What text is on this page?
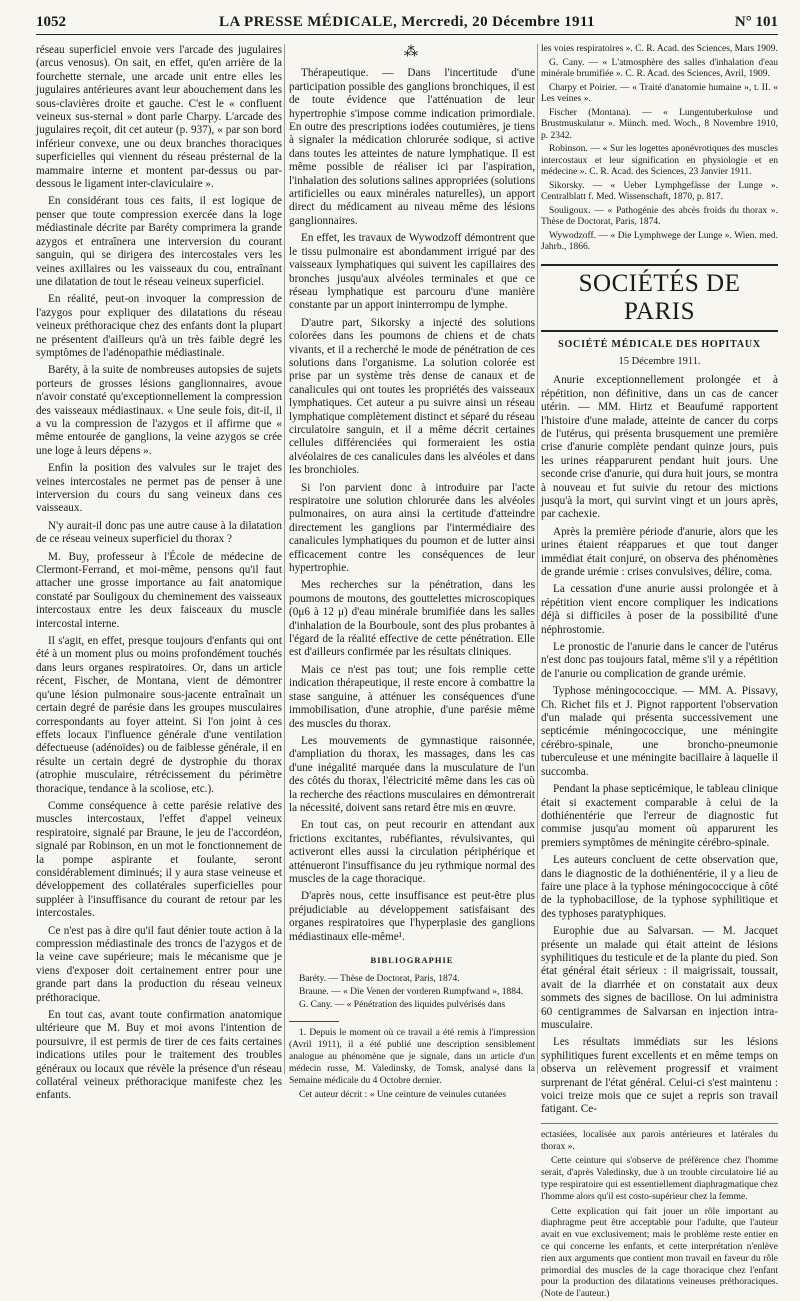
1052	LA PRESSE MÉDICALE, Mercredi, 20 Décembre 1911	N° 101

réseau superficiel envoie vers l'arcade des jugulaires (arcus venosus). On sait, en effet, qu'en arrière de la fourchette sternale, une arcade unit entre elles les jugulaires antérieures avant leur abouchement dans les sous-clavières droite et gauche. C'est le « confluent veineux sus-sternal » dont parle Charpy. L'arcade des jugulaires reçoit, dit cet auteur (p. 937), « par son bord inférieur convexe, une ou deux branches thoraciques superficielles qui viennent du réseau présternal de la mammaire interne et montent par-dessus ou par-dessous le ligament inter-claviculaire ».

En considérant tous ces faits, il est logique de penser que toute compression exercée dans la loge médiastinale décrite par Baréty comprimera la grande azygos et entraînera une interversion du courant sanguin, qui se dirigera des intercostales vers les veines axillaires ou les vaisseaux du cou, entraînant une dilatation de tout le réseau veineux superficiel.

En réalité, peut-on invoquer la compression de l'azygos pour expliquer des dilatations du réseau veineux préthoracique chez des enfants dont la plupart ne présentent d'ailleurs qu'à un très faible degré les symptômes de l'adénopathie médiastinale.

Baréty, à la suite de nombreuses autopsies de sujets porteurs de grosses lésions ganglionnaires, avoue n'avoir constaté qu'exceptionnellement la compression des vaisseaux médiastinaux. « Une seule fois, dit-il, il a vu la compression de l'azygos et il affirme que « même entourée de ganglions, la veine azygos se crée une loge à leurs dépens ».

Enfin la position des valvules sur le trajet des veines intercostales ne permet pas de penser à une interversion du cours du sang veineux dans ces vaisseaux.

N'y aurait-il donc pas une autre cause à la dilatation de ce réseau veineux superficiel du thorax ?

M. Buy, professeur à l'École de médecine de Clermont-Ferrand, et moi-même, pensons qu'il faut attacher une grosse importance au fait anatomique constaté par Souligoux du cheminement des vaisseaux intercostaux entre les deux faisceaux du muscle intercostal interne.

Il s'agit, en effet, presque toujours d'enfants qui ont été à un moment plus ou moins profondément touchés dans leurs organes respiratoires. Or, dans un article récent, Fischer, de Montana, vient de démontrer qu'une lésion pulmonaire sous-jacente entraînait un certain degré de parésie dans les groupes musculaires correspondants au foyer atteint. Si l'on joint à ces effets locaux l'influence générale d'une ventilation défectueuse (adénoïdes) ou de faiblesse générale, il en résulte un certain degré de dystrophie du thorax (atrophie musculaire, rétrécissement du périmètre thoracique, tendance à la scoliose, etc.).

Comme conséquence à cette parésie relative des muscles intercostaux, l'effet d'appel veineux respiratoire, signalé par Braune, le jeu de l'accordéon, signalé par Robinson, en un mot le fonctionnement de la pompe aspirante et foulante, seront considérablement diminués; il y aura stase veineuse et développement des collatérales superficielles pour suppléer à l'insuffisance du courant de retour par les intercostales.

Ce n'est pas à dire qu'il faut dénier toute action à la compression médiastinale des troncs de l'azygos et de la veine cave supérieure; mais le mécanisme que je viens d'exposer doit certainement entrer pour une grande part dans la production du réseau veineux préthoracique.

En tout cas, avant toute confirmation anatomique ultérieure que M. Buy et moi avons l'intention de poursuivre, il est permis de tirer de ces faits certaines indications utiles pour le traitement des troubles généraux ou locaux que révèle la présence d'un réseau collatéral veineux préthoracique manifeste chez les enfants.

⁂

Thérapeutique. — Dans l'incertitude d'une participation possible des ganglions bronchiques, il est de toute évidence que l'atténuation de leur hypertrophie s'impose comme indication primordiale. En outre des prescriptions iodées coutumières, je tiens à signaler la médication chlorurée sodique, si active dans toutes les atteintes de nature lymphatique. Il est même possible de réaliser ici par l'aspiration, l'inhalation des solutions salines appropriées (solutions artificielles ou eaux minérales naturelles), un apport direct du médicament au niveau même des lésions ganglionnaires.

En effet, les travaux de Wywodzoff démontrent que le tissu pulmonaire est abondamment irrigué par des vaisseaux lymphatiques qui suivent les capillaires des bronches jusqu'aux alvéoles terminales et que ce réseau lymphatique est parcouru d'une manière constante par un apport ininterrompu de lymphe.

D'autre part, Sikorsky a injecté des solutions colorées dans les poumons de chiens et de chats vivants, et il a recherché le mode de pénétration de ces solutions dans l'organisme. La solution colorée est prise par un système très dense de canaux et de canalicules qui ont toutes les propriétés des vaisseaux lymphatiques. Cet auteur a pu suivre ainsi un réseau lymphatique complètement distinct et séparé du réseau circulatoire sanguin, et il a même décrit certaines cellules différenciées qui formeraient les ostia alvéolaires de ces canalicules dans les alvéoles et dans les bronchioles.

Si l'on parvient donc à introduire par l'acte respiratoire une solution chlorurée dans les alvéoles pulmonaires, on aura ainsi la certitude d'atteindre directement les ganglions par l'intermédiaire des canalicules lymphatiques du poumon et de lutter ainsi efficacement contre les conséquences de leur hypertrophie.

Mes recherches sur la pénétration, dans les poumons de moutons, des gouttelettes microscopiques (0μ6 à 12 μ) d'eau minérale brumifiée dans les salles d'inhalation de la Bourboule, sont des plus probantes à l'égard de la réalité effective de cette pénétration. Elle est d'ailleurs confirmée par les résultats cliniques.

Mais ce n'est pas tout; une fois remplie cette indication thérapeutique, il reste encore à combattre la stase sanguine, à atténuer les conséquences d'une immobilisation, d'une atrophie, d'une parésie même des muscles du thorax.

Les mouvements de gymnastique raisonnée, d'ampliation du thorax, les massages, dans les cas d'une inégalité marquée dans la musculature de l'un des côtés du thorax, l'électricité même dans les cas où la recherche des réactions musculaires en démontrerait la nécessité, doivent sans retard être mis en œuvre.

En tout cas, on peut recourir en attendant aux frictions excitantes, rubéfiantes, révulsivantes, qui activeront elles aussi la circulation périphérique et atténueront l'insuffisance du jeu rythmique normal des muscles de la cage thoracique.

D'après nous, cette insuffisance est peut-être plus préjudiciable au développement satisfaisant des organes respiratoires que l'hyperplasie des ganglions médiastinaux elle-même¹.

BIBLIOGRAPHIE

Baréty. — Thèse de Doctorat, Paris, 1874.

Braune. — « Die Venen der vorderen Rumpfwand », 1884.

G. Cany. — « Pénétration des liquides pulvérisés dans

1. Depuis le moment où ce travail a été remis à l'impression (Avril 1911), il a été publié une description sensiblement analogue au phénomène que je signale, dans un article d'un médecin russe, M. Valedinsky, de Tomsk, analysé dans la Semaine médicale du 4 Octobre dernier.

Cet auteur décrit : « Une ceinture de veinules cutanées

les voies respiratoires ». C. R. Acad. des Sciences, Mars 1909.

G. Cany. — « L'atmosphère des salles d'inhalation d'eau minérale brumifiée ». C. R. Acad. des Sciences, Avril, 1909.

Charpy et Poirier. — « Traité d'anatomie humaine », t. II. « Les veines ».

Fischer (Montana). — « Lungentuberkulose und Brustmuskulatur ». Münch. med. Woch., 8 Novembre 1910, p. 2342.

Robinson. — « Sur les logettes aponévrotiques des muscles intercostaux et leur signification en physiologie et en médecine ». C. R. Acad. des Sciences, 23 Janvier 1911.

Sikorsky. — « Ueber Lymphgefässe der Lunge ». Centralblatt f. Med. Wissenschaft, 1870, p. 817.

Souligoux. — « Pathogénie des abcès froids du thorax ». Thèse de Doctorat, Paris, 1874.

Wywodzoff. — « Die Lymphwege der Lunge ». Wien. med. Jahrb., 1866.

SOCIÉTÉS DE PARIS
SOCIÉTÉ MÉDICALE DES HOPITAUX
15 Décembre 1911.

Anurie exceptionnellement prolongée et à répétition, non définitive, dans un cas de cancer utérin. — MM. Hirtz et Beaufumé rapportent l'histoire d'une malade, atteinte de cancer du corps de l'utérus, qui présenta brusquement une première crise d'anurie complète pendant quinze jours, puis les urines réapparurent pendant huit jours. Une seconde crise d'anurie, qui dura huit jours, se montra à nouveau et fut suivie du retour des mictions jusqu'à la mort, qui survint vingt et un jours après, par cachexie.

Après la première période d'anurie, alors que les urines étaient réapparues et que tout danger immédiat était conjuré, on observa des phénomènes de grande urémie : crises convulsives, délire, coma.

La cessation d'une anurie aussi prolongée et à répétition vient encore compliquer les indications déjà si difficiles à poser de la possibilité d'une néphrostomie.

Le pronostic de l'anurie dans le cancer de l'utérus n'est donc pas toujours fatal, même s'il y a répétition de l'anurie ou complication de grande urémie.

Typhose méningococcique. — MM. A. Pissavy, Ch. Richet fils et J. Pignot rapportent l'observation d'un malade qui présenta successivement une septicémie méningococcique, une méningite cérébro-spinale, une broncho-pneumonie tuberculeuse et une méningite bacillaire à laquelle il succomba.

Pendant la phase septicémique, le tableau clinique était si exactement comparable à celui de la dothiénentérie que l'erreur de diagnostic fut commise jusqu'au moment où apparurent les premiers symptômes de méningite cérébro-spinale.

Les auteurs concluent de cette observation que, dans le diagnostic de la dothiénentérie, il y a lieu de faire une place à la typhose méningococcique à côté de la typhobacillose, de la typhose syphilitique et des typhoses paratyphiques.

Europhie due au Salvarsan. — M. Jacquet présente un malade qui était atteint de lésions syphilitiques du testicule et de la plante du pied. Son état général était sérieux : il maigrissait, toussait, avait de la diarrhée et on constatait aux deux sommets des signes de bacillose. On lui administra 60 centigrammes de Salvarsan en injection intra-musculaire.

Les résultats immédiats sur les lésions syphilitiques furent excellents et en même temps on observa un relèvement progressif et vraiment surprenant de l'état général. Celui-ci s'est maintenu : voici treize mois que ce sujet a repris son travail fatigant. Ce-

ectasiées, localisée aux parois antérieures et latérales du thorax ».

Cette ceinture qui s'observe de préférence chez l'homme serait, d'après Valedinsky, due à un trouble circulatoire lié au type respiratoire qui est essentiellement diaphragmatique chez l'homme alors qu'il est costo-supérieur chez la femme.

Cette explication qui fait jouer un rôle important au diaphragme peut être acceptable pour l'adulte, que l'auteur avait en vue exclusivement; mais le problème reste entier en ce qui concerne les enfants, et cette interprétation n'enlève rien aux arguments que contient mon travail en faveur du rôle primordial des muscles de la cage thoracique chez l'enfant pour la production des dilatations veineuses préthoraciques. (Note de l'auteur.)
